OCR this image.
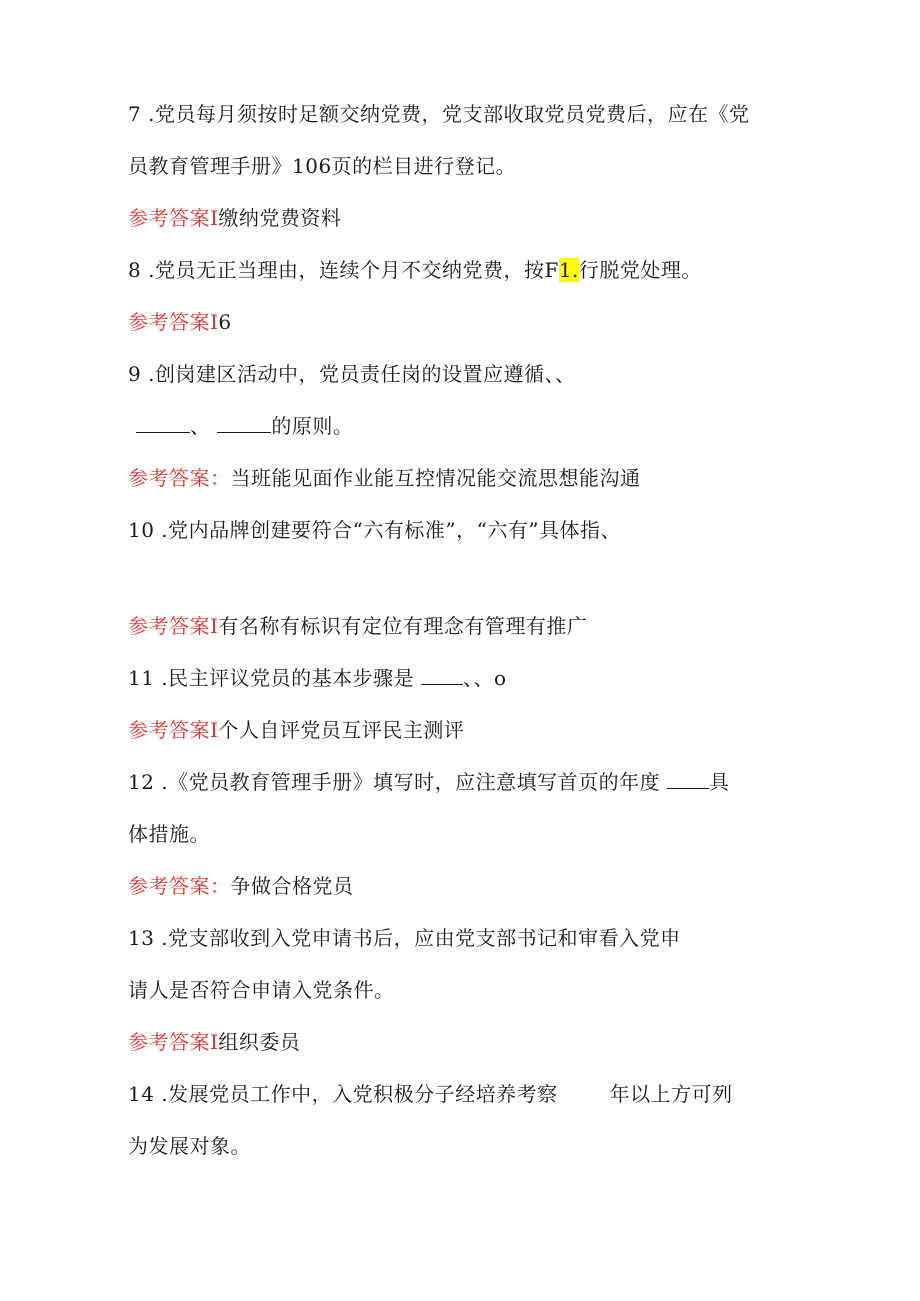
7 .党员每月须按时足额交纳党费，党支部收取党员党费后，应在《党
员教育管理手册》106页的栏目进行登记。
参考答案I缴纳党费资料
8 .党员无正当理由，连续个月不交纳党费，按F1.行脱党处理。
参考答案I6
9 .创岗建区活动中，党员责任岗的设置应遵循、、
、	的原则。
参考答案：当班能见面作业能互控情况能交流思想能沟通
10 .党内品牌创建要符合“六有标准”，“六有”具体指、
参考答案I有名称有标识有定位有理念有管理有推广
11 .民主评议党员的基本步骤是 、、o
参考答案I个人自评党员互评民主测评
12 .《党员教育管理手册》填写时，应注意填写首页的年度 具
体措施。
参考答案：争做合格党员
13 .党支部收到入党申请书后，应由党支部书记和审看入党申
请人是否符合申请入党条件。
参考答案I组织委员
14 .发展党员工作中，入党积极分子经培养考察	年以上方可列
为发展对象。
